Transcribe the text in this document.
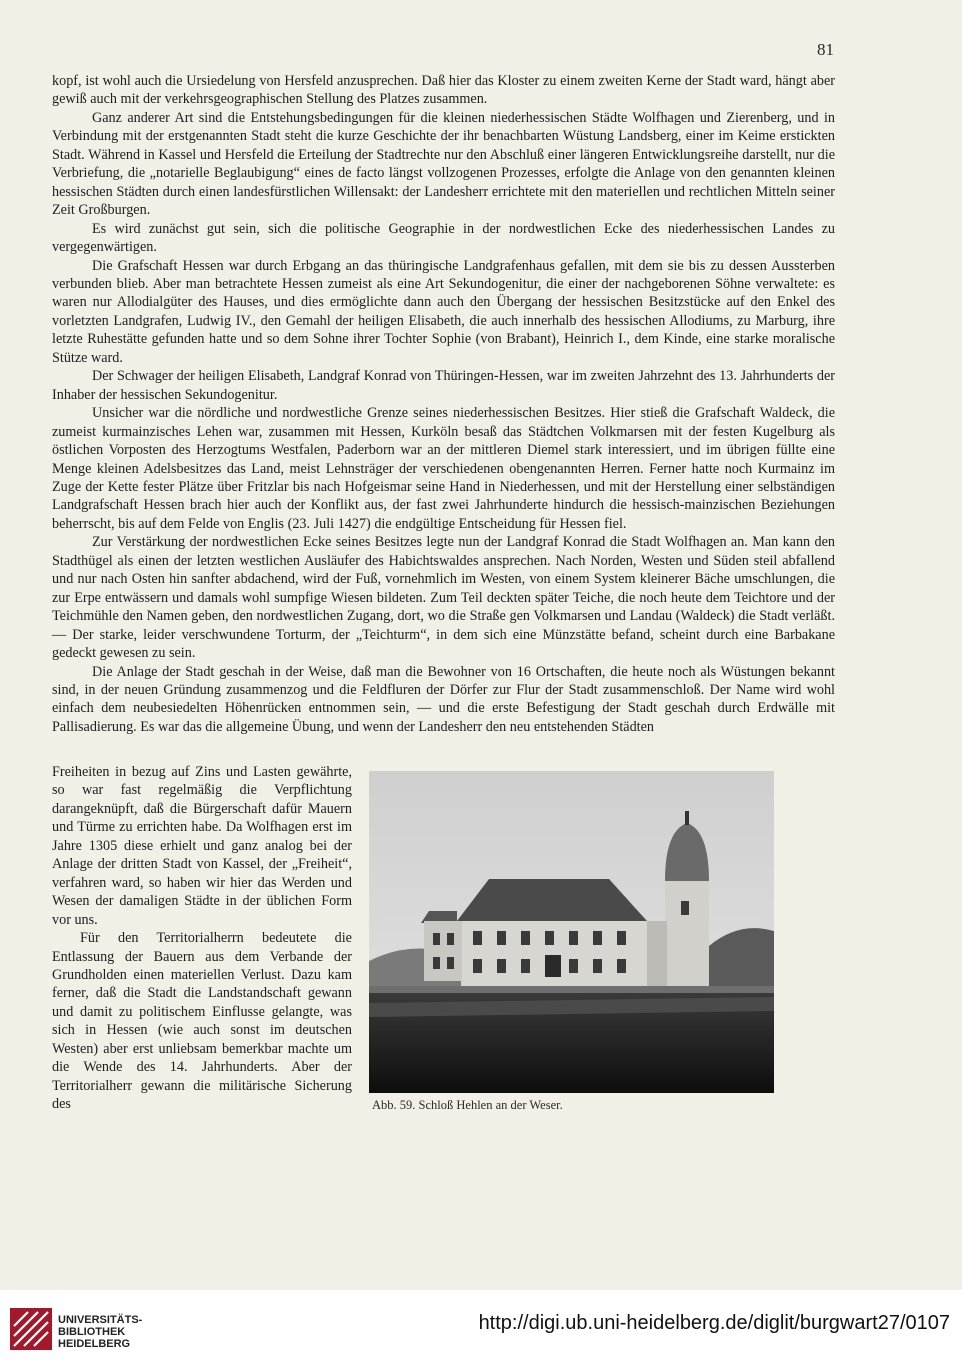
81

kopf, ist wohl auch die Ursiedelung von Hersfeld anzusprechen. Daß hier das Kloster zu einem zweiten Kerne der Stadt ward, hängt aber gewiß auch mit der verkehrsgeographischen Stellung des Platzes zusammen.

Ganz anderer Art sind die Entstehungsbedingungen für die kleinen niederhessischen Städte Wolfhagen und Zierenberg, und in Verbindung mit der erstgenannten Stadt steht die kurze Geschichte der ihr benachbarten Wüstung Landsberg, einer im Keime erstickten Stadt. Während in Kassel und Hersfeld die Erteilung der Stadtrechte nur den Abschluß einer längeren Entwicklungsreihe darstellt, nur die Verbriefung, die „notarielle Beglaubigung“ eines de facto längst vollzogenen Prozesses, erfolgte die Anlage von den genannten kleinen hessischen Städten durch einen landesfürstlichen Willensakt: der Landesherr errichtete mit den materiellen und rechtlichen Mitteln seiner Zeit Großburgen.

Es wird zunächst gut sein, sich die politische Geographie in der nordwestlichen Ecke des niederhessischen Landes zu vergegenwärtigen.

Die Grafschaft Hessen war durch Erbgang an das thüringische Landgrafenhaus gefallen, mit dem sie bis zu dessen Aussterben verbunden blieb. Aber man betrachtete Hessen zumeist als eine Art Sekundogenitur, die einer der nachgeborenen Söhne verwaltete: es waren nur Allodialgüter des Hauses, und dies ermöglichte dann auch den Übergang der hessischen Besitzstücke auf den Enkel des vorletzten Landgrafen, Ludwig IV., den Gemahl der heiligen Elisabeth, die auch innerhalb des hessischen Allodiums, zu Marburg, ihre letzte Ruhestätte gefunden hatte und so dem Sohne ihrer Tochter Sophie (von Brabant), Heinrich I., dem Kinde, eine starke moralische Stütze ward.

Der Schwager der heiligen Elisabeth, Landgraf Konrad von Thüringen-Hessen, war im zweiten Jahrzehnt des 13. Jahrhunderts der Inhaber der hessischen Sekundogenitur.

Unsicher war die nördliche und nordwestliche Grenze seines niederhessischen Besitzes. Hier stieß die Grafschaft Waldeck, die zumeist kurmainzisches Lehen war, zusammen mit Hessen, Kurköln besaß das Städtchen Volkmarsen mit der festen Kugelburg als östlichen Vorposten des Herzogtums Westfalen, Paderborn war an der mittleren Diemel stark interessiert, und im übrigen füllte eine Menge kleinen Adelsbesitzes das Land, meist Lehnsträger der verschiedenen obengenannten Herren. Ferner hatte noch Kurmainz im Zuge der Kette fester Plätze über Fritzlar bis nach Hofgeismar seine Hand in Niederhessen, und mit der Herstellung einer selbständigen Landgrafschaft Hessen brach hier auch der Konflikt aus, der fast zwei Jahrhunderte hindurch die hessisch-mainzischen Beziehungen beherrscht, bis auf dem Felde von Englis (23. Juli 1427) die endgültige Entscheidung für Hessen fiel.

Zur Verstärkung der nordwestlichen Ecke seines Besitzes legte nun der Landgraf Konrad die Stadt Wolfhagen an. Man kann den Stadthügel als einen der letzten westlichen Ausläufer des Habichtswaldes ansprechen. Nach Norden, Westen und Süden steil abfallend und nur nach Osten hin sanfter abdachend, wird der Fuß, vornehmlich im Westen, von einem System kleinerer Bäche umschlungen, die zur Erpe entwässern und damals wohl sumpfige Wiesen bildeten. Zum Teil deckten später Teiche, die noch heute dem Teichtore und der Teichmühle den Namen geben, den nordwestlichen Zugang, dort, wo die Straße gen Volkmarsen und Landau (Waldeck) die Stadt verläßt. — Der starke, leider verschwundene Torturm, der „Teichturm“, in dem sich eine Münzstätte befand, scheint durch eine Barbakane gedeckt gewesen zu sein.

Die Anlage der Stadt geschah in der Weise, daß man die Bewohner von 16 Ortschaften, die heute noch als Wüstungen bekannt sind, in der neuen Gründung zusammenzog und die Feldfluren der Dörfer zur Flur der Stadt zusammenschloß. Der Name wird wohl einfach dem neubesiedelten Höhenrücken entnommen sein, — und die erste Befestigung der Stadt geschah durch Erdwälle mit Pallisadierung. Es war das die allgemeine Übung, und wenn der Landesherr den neu entstehenden Städten

Freiheiten in bezug auf Zins und Lasten gewährte, so war fast regelmäßig die Verpflichtung darangeknüpft, daß die Bürgerschaft dafür Mauern und Türme zu errichten habe. Da Wolfhagen erst im Jahre 1305 diese erhielt und ganz analog bei der Anlage der dritten Stadt von Kassel, der „Freiheit“, verfahren ward, so haben wir hier das Werden und Wesen der damaligen Städte in der üblichen Form vor uns.

Für den Territorialherrn bedeutete die Entlassung der Bauern aus dem Verbande der Grundholden einen materiellen Verlust. Dazu kam ferner, daß die Stadt die Landstandschaft gewann und damit zu politischem Einflusse gelangte, was sich in Hessen (wie auch sonst im deutschen Westen) aber erst unliebsam bemerkbar machte um die Wende des 14. Jahrhunderts. Aber der Territorialherr gewann die militärische Sicherung des	Abb. 59. Schloß Hehlen an der Weser.
UNIVERSITÄTS-
BIBLIOTHEK
HEIDELBERG
http://digi.ub.uni-heidelberg.de/diglit/burgwart27/0107
